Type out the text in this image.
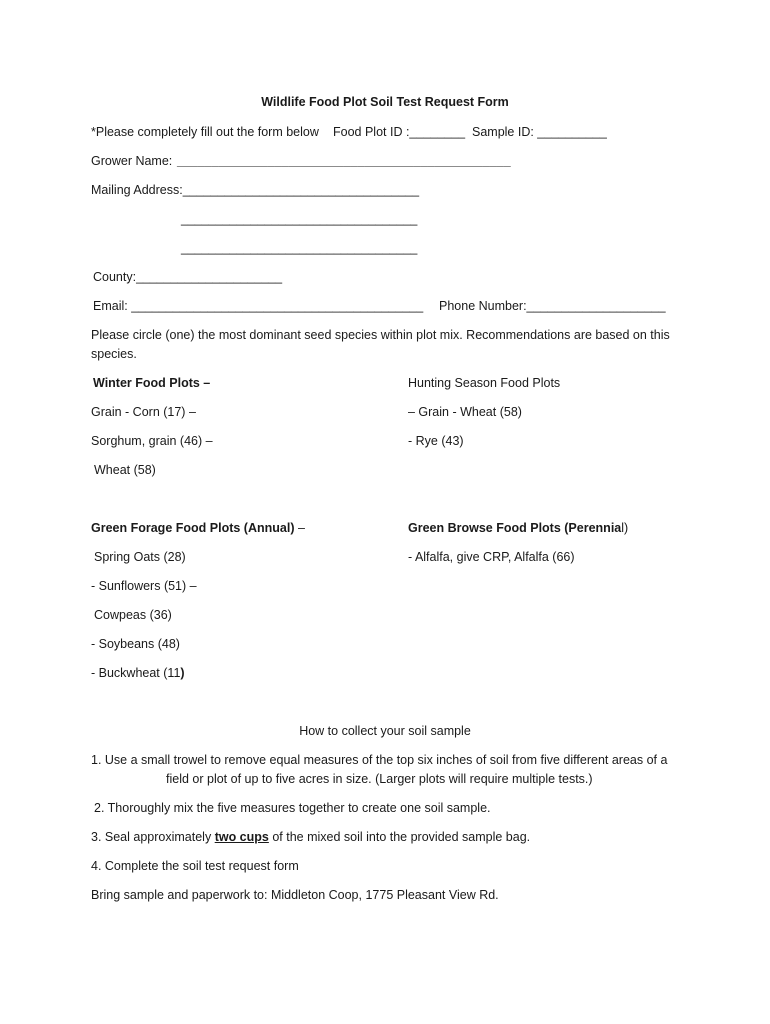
Wildlife Food Plot Soil Test Request Form
*Please completely fill out the form below Food Plot ID :________ Sample ID: __________
Grower Name: ________________________________________________
Mailing Address:__________________________________
__________________________________
__________________________________
County:_____________________
Email: __________________________________________ Phone Number:____________________
Please circle (one) the most dominant seed species within plot mix. Recommendations are based on this
species.
Winter Food Plots –
Grain - Corn (17) –
Sorghum, grain (46) –
Wheat (58)
Hunting Season Food Plots
– Grain - Wheat (58)
- Rye (43)
Green Forage Food Plots (Annual) –
Spring Oats (28)
- Sunflowers (51) –
Cowpeas (36)
- Soybeans (48)
- Buckwheat (11)
Green Browse Food Plots (Perennial)
- Alfalfa, give CRP, Alfalfa (66)
How to collect your soil sample
1. Use a small trowel to remove equal measures of the top six inches of soil from five different areas of a
field or plot of up to five acres in size. (Larger plots will require multiple tests.)
2. Thoroughly mix the five measures together to create one soil sample.
3. Seal approximately two cups of the mixed soil into the provided sample bag.
4. Complete the soil test request form
Bring sample and paperwork to: Middleton Coop, 1775 Pleasant View Rd.
